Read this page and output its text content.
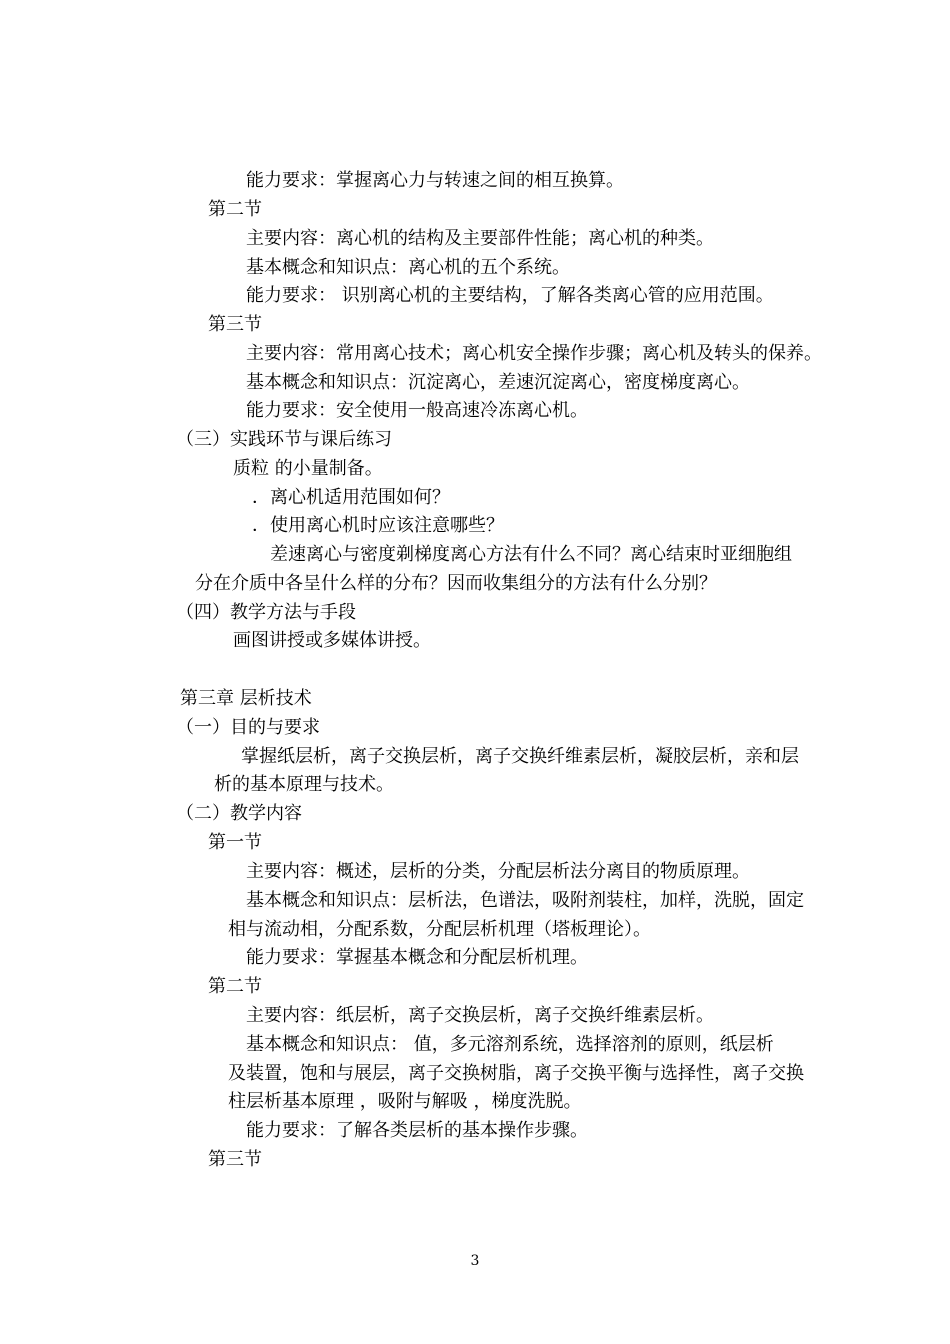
能力要求：掌握离心力与转速之间的相互换算。
第二节
主要内容：离心机的结构及主要部件性能；离心机的种类。
基本概念和知识点：离心机的五个系统。
能力要求： 识别离心机的主要结构，了解各类离心管的应用范围。
第三节
主要内容：常用离心技术；离心机安全操作步骤；离心机及转头的保养。
基本概念和知识点：沉淀离心，差速沉淀离心，密度梯度离心。
能力要求：安全使用一般高速冷冻离心机。
（三）实践环节与课后练习
质粒 的小量制备。
．离心机适用范围如何？
．使用离心机时应该注意哪些？
差速离心与密度剃梯度离心方法有什么不同？离心结束时亚细胞组
分在介质中各呈什么样的分布？因而收集组分的方法有什么分别？
（四）教学方法与手段
画图讲授或多媒体讲授。
第三章 层析技术
（一）目的与要求
掌握纸层析，离子交换层析，离子交换纤维素层析，凝胶层析，亲和层
析的基本原理与技术。
（二）教学内容
第一节
主要内容：概述，层析的分类，分配层析法分离目的物质原理。
基本概念和知识点：层析法，色谱法，吸附剂装柱，加样，洗脱，固定
相与流动相，分配系数，分配层析机理（塔板理论）。
能力要求：掌握基本概念和分配层析机理。
第二节
主要内容：纸层析，离子交换层析，离子交换纤维素层析。
基本概念和知识点： 值，多元溶剂系统，选择溶剂的原则，纸层析
及装置，饱和与展层，离子交换树脂，离子交换平衡与选择性，离子交换
柱层析基本原理 ，吸附与解吸 ，梯度洗脱。
能力要求：了解各类层析的基本操作步骤。
第三节
3
